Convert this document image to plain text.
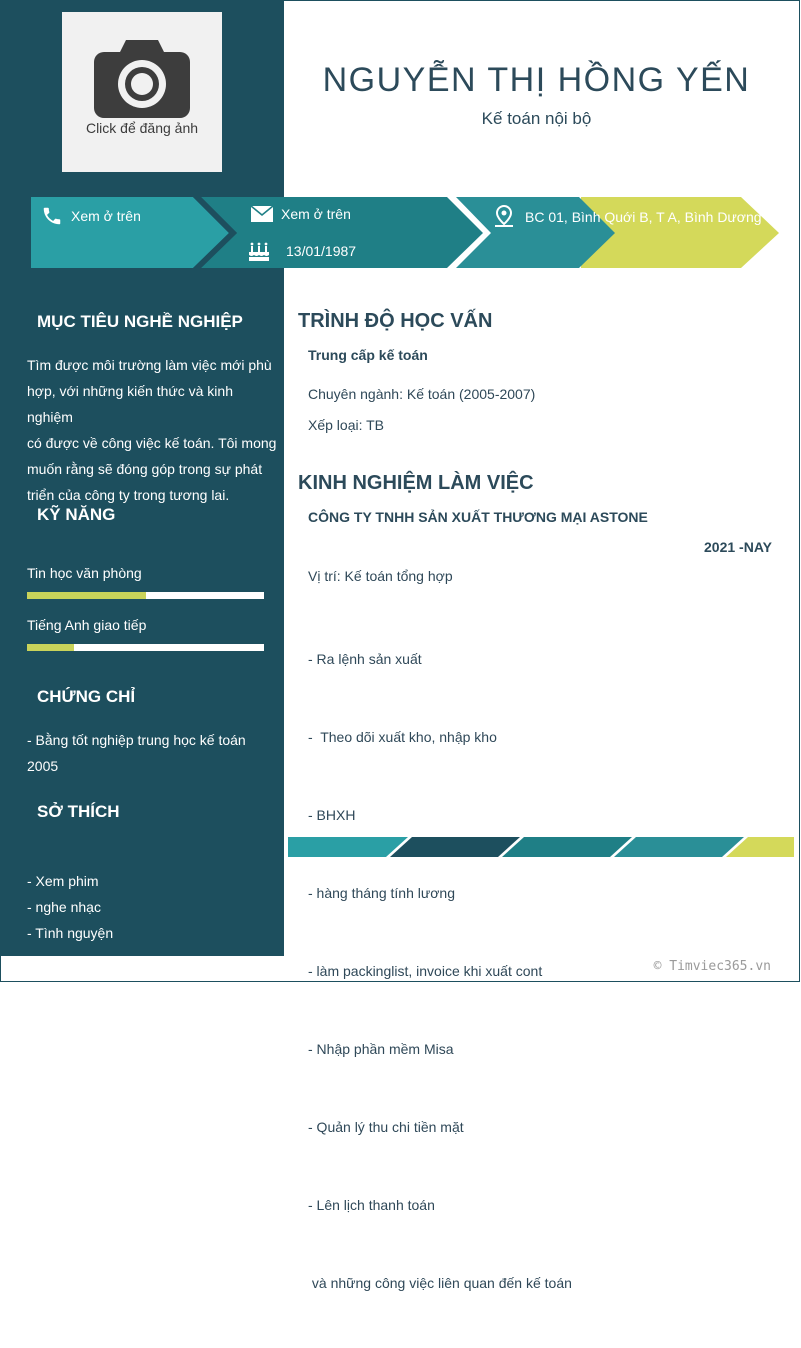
Click để đăng ảnh
NGUYỄN THỊ HỒNG YẾN
Kế toán nội bộ
Xem ở trên	Xem ở trên
13/01/1987
BC 01, Bình Quới B, T A, Bình Dương
MỤC TIÊU NGHỀ NGHIỆP
Tìm được môi trường làm việc mới phù
hợp, với những kiến thức và kinh nghiệm
có được về công việc kế toán. Tôi mong
muốn rằng sẽ đóng góp trong sự phát
triển của công ty trong tương lai.
KỸ NĂNG
Tin học văn phòng
Tiếng Anh giao tiếp
CHỨNG CHỈ
- Bằng tốt nghiệp trung học kế toán
2005
SỞ THÍCH
- Xem phim
- nghe nhạc
- Tình nguyện
TRÌNH ĐỘ HỌC VẤN
Trung cấp kế toán
Chuyên ngành: Kế toán (2005-2007)
Xếp loại: TB
KINH NGHIỆM LÀM VIỆC
CÔNG TY TNHH SẢN XUẤT THƯƠNG MẠI ASTONE
2021 -NAY
Vị trí: Kế toán tổng hợp

- Ra lệnh sản xuất

-  Theo dõi xuất kho, nhập kho

- BHXH

- hàng tháng tính lương

- làm packinglist, invoice khi xuất cont

- Nhập phần mềm Misa

- Quản lý thu chi tiền mặt

- Lên lịch thanh toán

và những công việc liên quan đến kế toán

© Timviec365.vn
